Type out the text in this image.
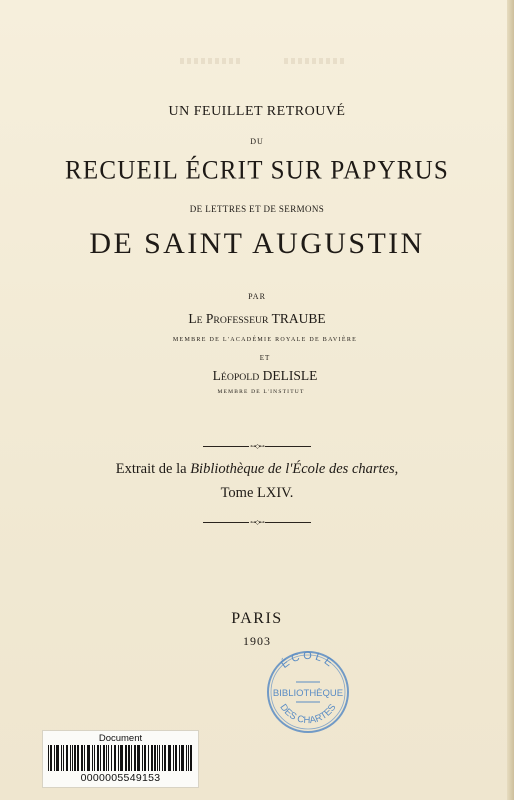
UN FEUILLET RETROUVÉ
DU
RECUEIL ÉCRIT SUR PAPYRUS
DE LETTRES ET DE SERMONS
DE SAINT AUGUSTIN
PAR
LE PROFESSEUR TRAUBE
MEMBRE DE L'ACADÉMIE ROYALE DE BAVIÈRE
ET
LÉOPOLD DELISLE
MEMBRE DE L'INSTITUT
⊶◇⊷
Extrait de la Bibliothèque de l'École des chartes,
Tome LXIV.
⊶◇⊷
PARIS
1903
ÉCOLE
BIBLIOTHÈQUE
DES CHARTES
Document
0000005549153
